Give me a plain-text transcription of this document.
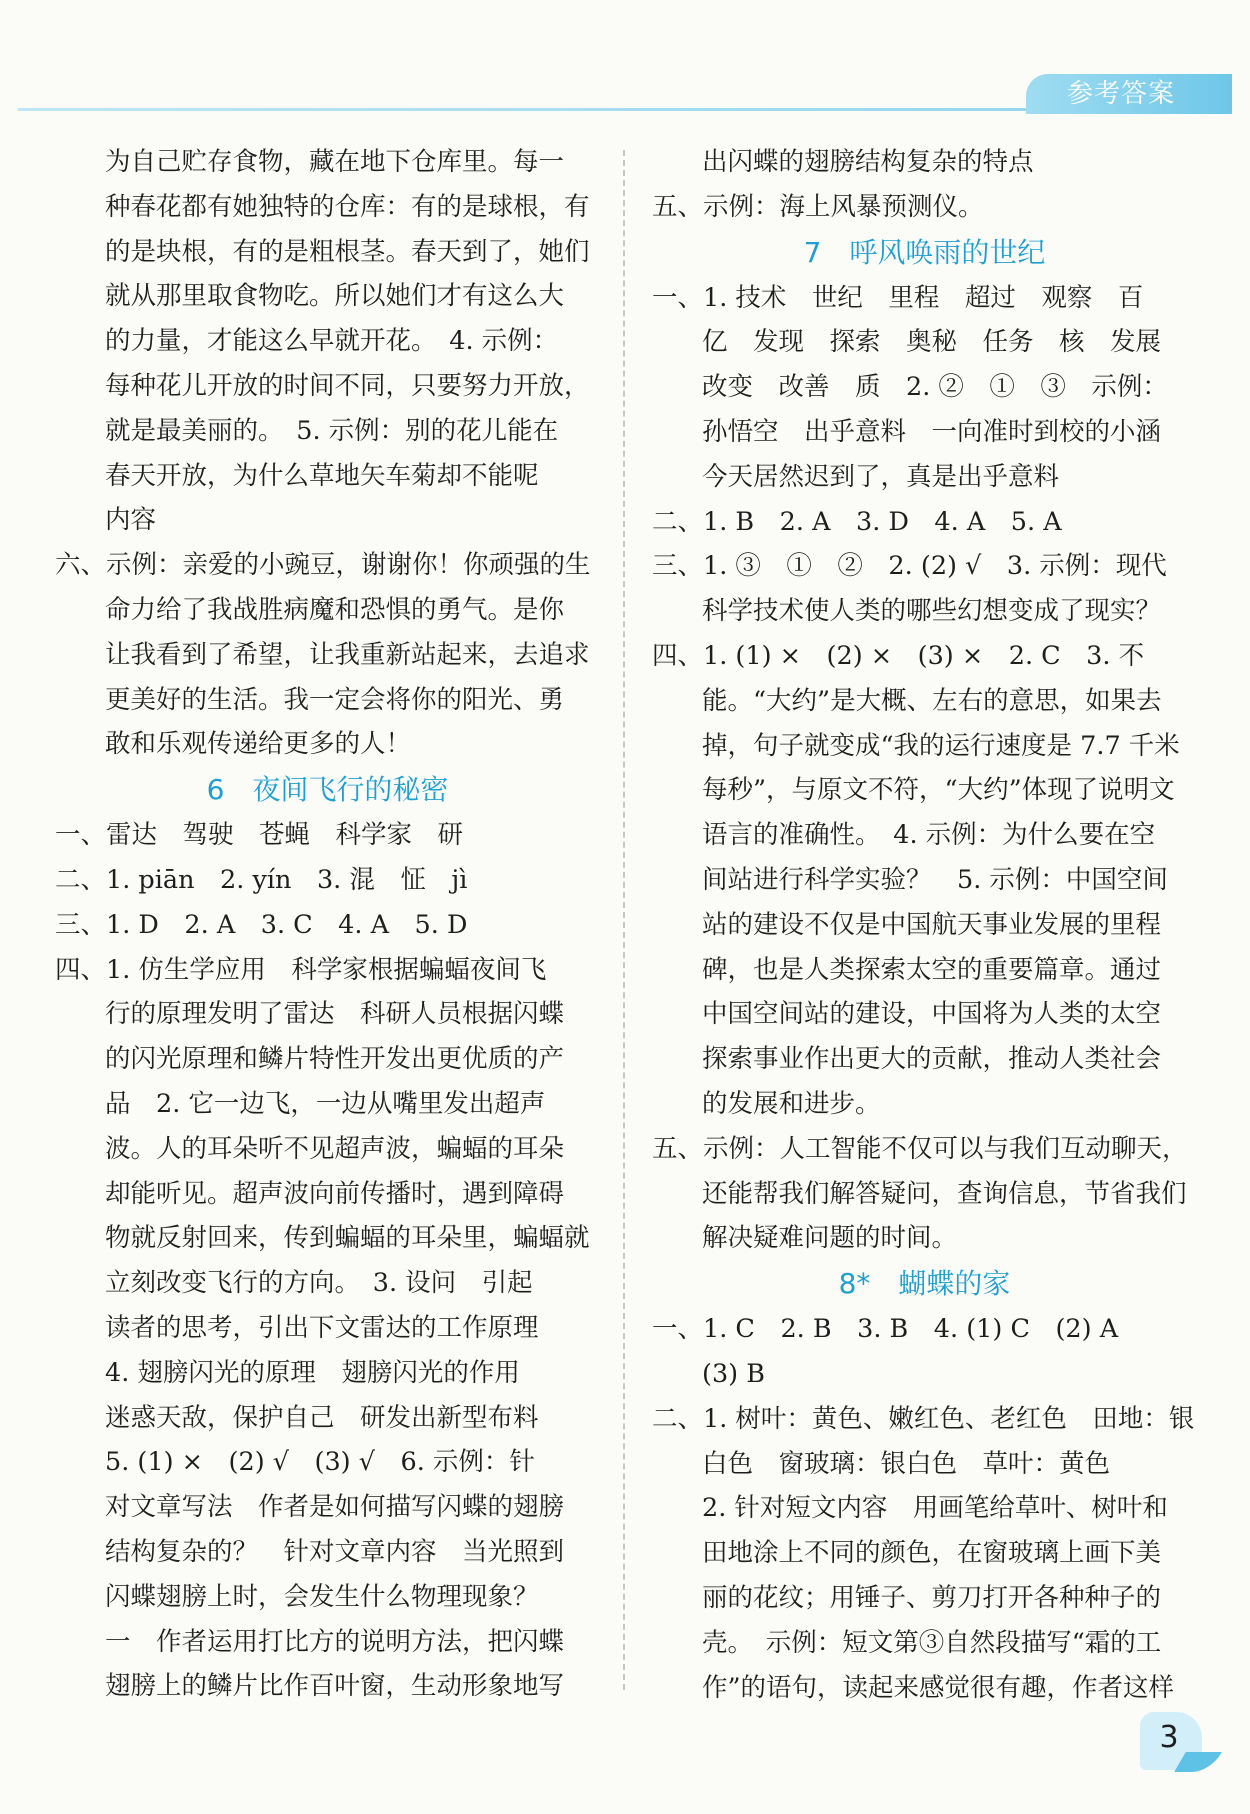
参考答案
为自己贮存食物，藏在地下仓库里。每一
种春花都有她独特的仓库：有的是球根，有
的是块根，有的是粗根茎。春天到了，她们
就从那里取食物吃。所以她们才有这么大
的力量，才能这么早就开花。　4. 示例：
每种花儿开放的时间不同，只要努力开放，
就是最美丽的。　5. 示例：别的花儿能在
春天开放，为什么草地矢车菊却不能呢
内容
六、示例：亲爱的小豌豆，谢谢你！你顽强的生
命力给了我战胜病魔和恐惧的勇气。是你
让我看到了希望，让我重新站起来，去追求
更美好的生活。我一定会将你的阳光、勇
敢和乐观传递给更多的人！
6　夜间飞行的秘密
一、雷达　驾驶　苍蝇　科学家　研
二、1. piān　2. yín　3. 混　怔　jì
三、1. D　2. A　3. C　4. A　5. D
四、1. 仿生学应用　科学家根据蝙蝠夜间飞
行的原理发明了雷达　科研人员根据闪蝶
的闪光原理和鳞片特性开发出更优质的产
品　2. 它一边飞，一边从嘴里发出超声
波。人的耳朵听不见超声波，蝙蝠的耳朵
却能听见。超声波向前传播时，遇到障碍
物就反射回来，传到蝙蝠的耳朵里，蝙蝠就
立刻改变飞行的方向。　3. 设问　引起
读者的思考，引出下文雷达的工作原理
4. 翅膀闪光的原理　翅膀闪光的作用
迷惑天敌，保护自己　研发出新型布料
5. (1) ×　(2) √　(3) √　6. 示例：针
对文章写法　作者是如何描写闪蝶的翅膀
结构复杂的？　针对文章内容　当光照到
闪蝶翅膀上时，会发生什么物理现象？
一　作者运用打比方的说明方法，把闪蝶
翅膀上的鳞片比作百叶窗，生动形象地写
出闪蝶的翅膀结构复杂的特点
五、示例：海上风暴预测仪。
7　呼风唤雨的世纪
一、1. 技术　世纪　里程　超过　观察　百
亿　发现　探索　奥秘　任务　核　发展
改变　改善　质　2. ②　①　③　示例：
孙悟空　出乎意料　一向准时到校的小涵
今天居然迟到了，真是出乎意料
二、1. B　2. A　3. D　4. A　5. A
三、1. ③　①　②　2. (2) √　3. 示例：现代
科学技术使人类的哪些幻想变成了现实？
四、1. (1) ×　(2) ×　(3) ×　2. C　3. 不
能。“大约”是大概、左右的意思，如果去
掉，句子就变成“我的运行速度是 7.7 千米
每秒”，与原文不符，“大约”体现了说明文
语言的准确性。　4. 示例：为什么要在空
间站进行科学实验？　5. 示例：中国空间
站的建设不仅是中国航天事业发展的里程
碑，也是人类探索太空的重要篇章。通过
中国空间站的建设，中国将为人类的太空
探索事业作出更大的贡献，推动人类社会
的发展和进步。
五、示例：人工智能不仅可以与我们互动聊天，
还能帮我们解答疑问，查询信息，节省我们
解决疑难问题的时间。
8*　蝴蝶的家
一、1. C　2. B　3. B　4. (1) C　(2) A
(3) B
二、1. 树叶：黄色、嫩红色、老红色　田地：银
白色　窗玻璃：银白色　草叶：黄色
2. 针对短文内容　用画笔给草叶、树叶和
田地涂上不同的颜色，在窗玻璃上画下美
丽的花纹；用锤子、剪刀打开各种种子的
壳。　示例：短文第③自然段描写“霜的工
作”的语句，读起来感觉很有趣，作者这样
3
